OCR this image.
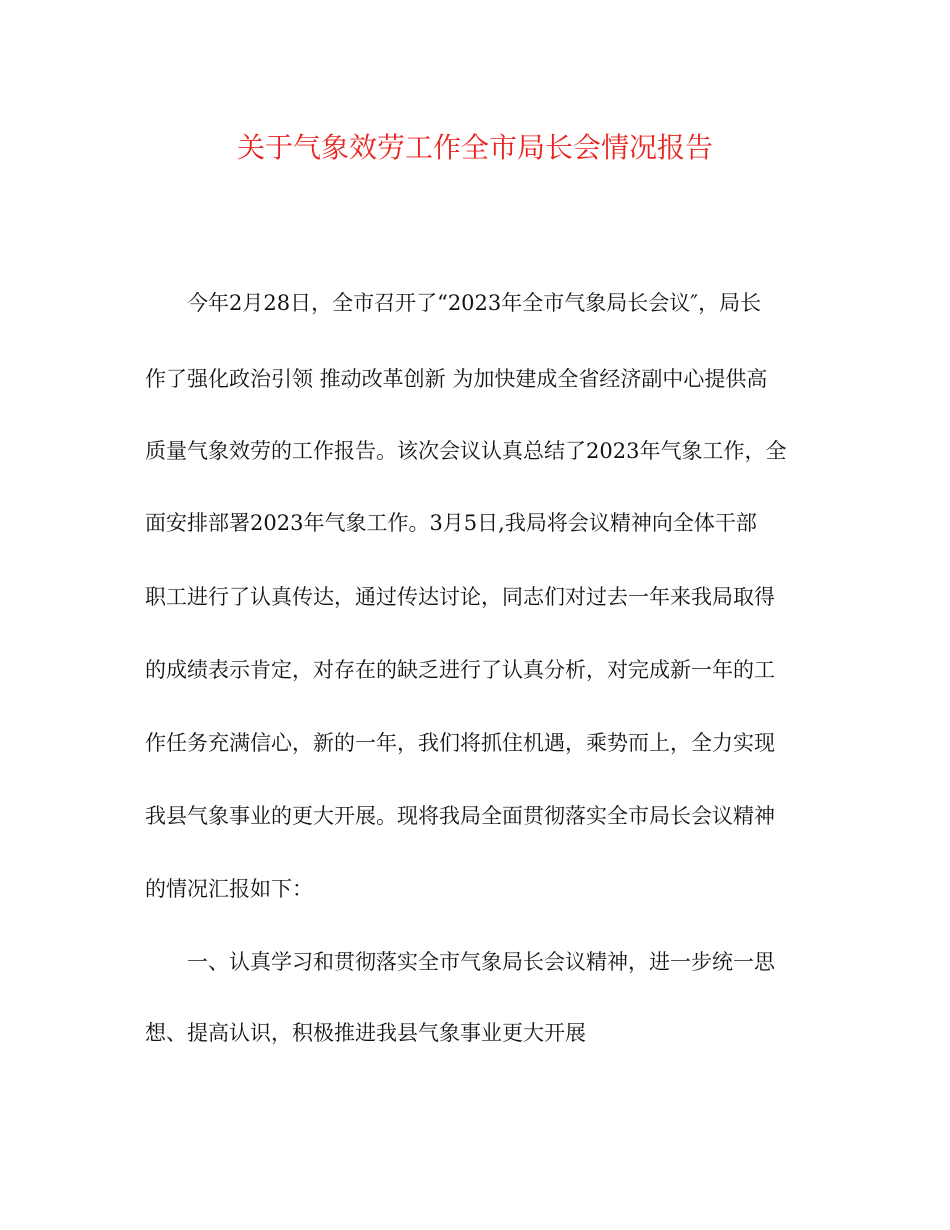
关于气象效劳工作全市局长会情况报告
今年2月28日，全市召开了“2023年全市气象局长会议″，局长
作了强化政治引领 推动改革创新 为加快建成全省经济副中心提供高
质量气象效劳的工作报告。该次会议认真总结了2023年气象工作，全
面安排部署2023年气象工作。3月5日,我局将会议精神向全体干部
职工进行了认真传达，通过传达讨论，同志们对过去一年来我局取得
的成绩表示肯定，对存在的缺乏进行了认真分析，对完成新一年的工
作任务充满信心，新的一年，我们将抓住机遇，乘势而上，全力实现
我县气象事业的更大开展。现将我局全面贯彻落实全市局长会议精神
的情况汇报如下：
一、认真学习和贯彻落实全市气象局长会议精神，进一步统一思
想、提高认识，积极推进我县气象事业更大开展
